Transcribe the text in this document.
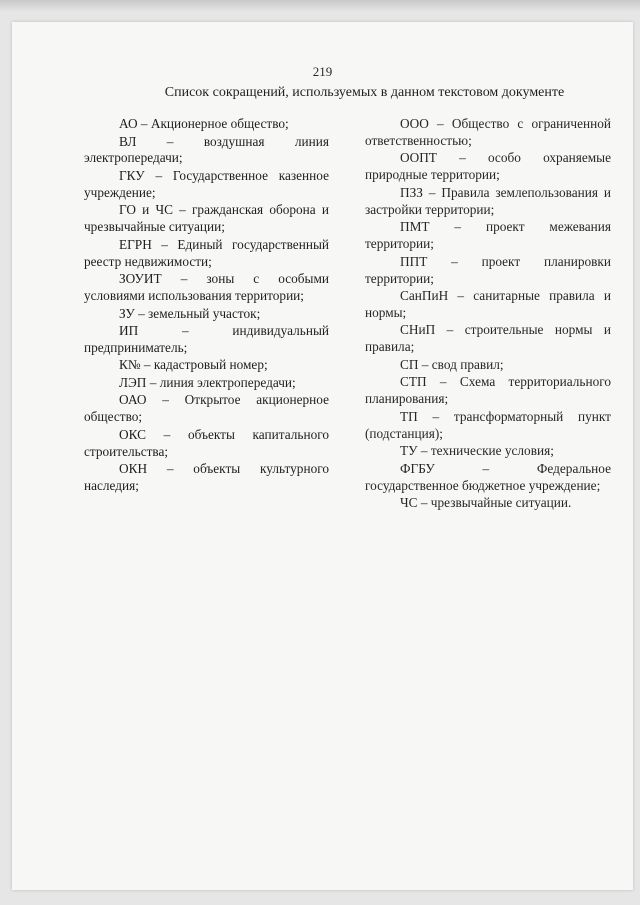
219
Список сокращений, используемых в данном текстовом документе

АО – Акционерное общество;

ВЛ – воздушная линия электропередачи;

ГКУ – Государственное казенное учреждение;

ГО и ЧС – гражданская оборона и чрезвычайные ситуации;

ЕГРН – Единый государственный реестр недвижимости;

ЗОУИТ – зоны с особыми условиями использования территории;

ЗУ – земельный участок;

ИП – индивидуальный предприниматель;

К№ – кадастровый номер;

ЛЭП – линия электропередачи;

ОАО – Открытое акционерное общество;

ОКС – объекты капитального строительства;

ОКН – объекты культурного наследия;

ООО – Общество с ограниченной ответственностью;

ООПТ – особо охраняемые природные территории;

ПЗЗ – Правила землепользования и застройки территории;

ПМТ – проект межевания территории;

ППТ – проект планировки территории;

СанПиН – санитарные правила и нормы;

СНиП – строительные нормы и правила;

СП – свод правил;

СТП – Схема территориального планирования;

ТП – трансформаторный пункт (подстанция);

ТУ – технические условия;

ФГБУ – Федеральное государственное бюджетное учреждение;

ЧС – чрезвычайные ситуации.
